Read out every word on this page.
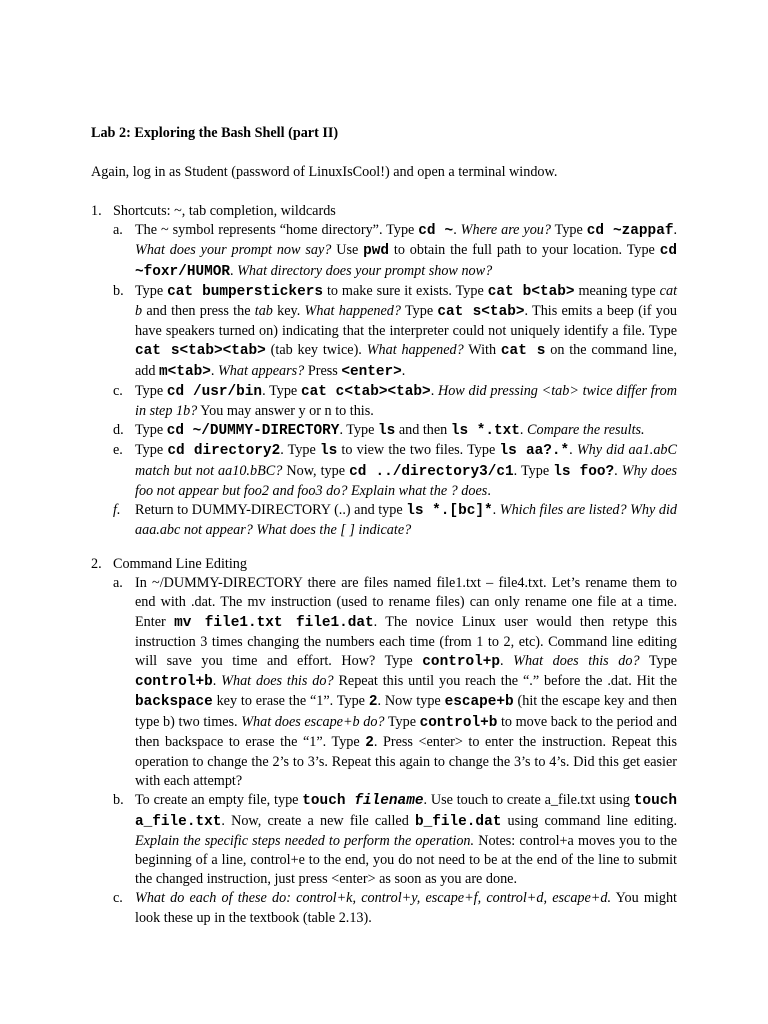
Lab 2: Exploring the Bash Shell (part II)
Again, log in as Student (password of LinuxIsCool!) and open a terminal window.
1. Shortcuts: ~, tab completion, wildcards
a. The ~ symbol represents “home directory”. Type cd ~. Where are you? Type cd ~zappaf. What does your prompt now say? Use pwd to obtain the full path to your location. Type cd ~foxr/HUMOR. What directory does your prompt show now?
b. Type cat bumperstickers to make sure it exists. Type cat b<tab> meaning type cat b and then press the tab key. What happened? Type cat s<tab>. This emits a beep (if you have speakers turned on) indicating that the interpreter could not uniquely identify a file. Type cat s<tab><tab> (tab key twice). What happened? With cat s on the command line, add m<tab>. What appears? Press <enter>.
c. Type cd /usr/bin. Type cat c<tab><tab>. How did pressing <tab> twice differ from in step 1b? You may answer y or n to this.
d. Type cd ~/DUMMY-DIRECTORY. Type ls and then ls *.txt. Compare the results.
e. Type cd directory2. Type ls to view the two files. Type ls aa?.*. Why did aa1.abC match but not aa10.bBC? Now, type cd ../directory3/c1. Type ls foo?. Why does foo not appear but foo2 and foo3 do? Explain what the ? does.
f. Return to DUMMY-DIRECTORY (..) and type ls *.[bc]*. Which files are listed? Why did aaa.abc not appear? What does the [ ] indicate?
2. Command Line Editing
a. In ~/DUMMY-DIRECTORY there are files named file1.txt – file4.txt. Let’s rename them to end with .dat. The mv instruction (used to rename files) can only rename one file at a time. Enter mv file1.txt file1.dat. The novice Linux user would then retype this instruction 3 times changing the numbers each time (from 1 to 2, etc). Command line editing will save you time and effort. How? Type control+p. What does this do? Type control+b. What does this do? Repeat this until you reach the “.” before the .dat. Hit the backspace key to erase the “1”. Type 2. Now type escape+b (hit the escape key and then type b) two times. What does escape+b do? Type control+b to move back to the period and then backspace to erase the “1”. Type 2. Press <enter> to enter the instruction. Repeat this operation to change the 2’s to 3’s. Repeat this again to change the 3’s to 4’s. Did this get easier with each attempt?
b. To create an empty file, type touch filename. Use touch to create a_file.txt using touch a_file.txt. Now, create a new file called b_file.dat using command line editing. Explain the specific steps needed to perform the operation. Notes: control+a moves you to the beginning of a line, control+e to the end, you do not need to be at the end of the line to submit the changed instruction, just press <enter> as soon as you are done.
c. What do each of these do: control+k, control+y, escape+f, control+d, escape+d. You might look these up in the textbook (table 2.13).
